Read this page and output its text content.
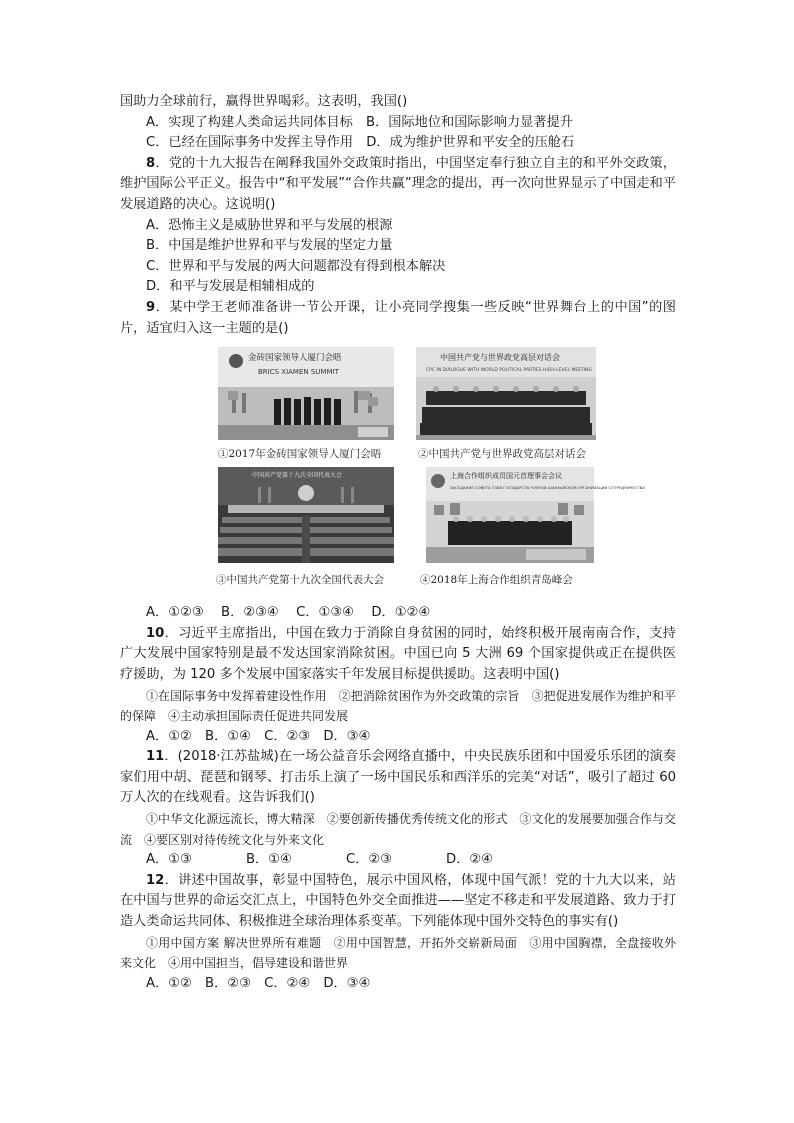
国助力全球前行，赢得世界喝彩。这表明，我国()

A．实现了构建人类命运共同体目标　B．国际地位和国际影响力显著提升

C．已经在国际事务中发挥主导作用　D．成为维护世界和平安全的压舱石

8．党的十九大报告在阐释我国外交政策时指出，中国坚定奉行独立自主的和平外交政策，维护国际公平正义。报告中“和平发展”“合作共赢”理念的提出，再一次向世界显示了中国走和平发展道路的决心。这说明()

A．恐怖主义是威胁世界和平与发展的根源

B．中国是维护世界和平与发展的坚定力量

C．世界和平与发展的两大问题都没有得到根本解决

D．和平与发展是相辅相成的

9．某中学王老师准备讲一节公开课，让小亮同学搜集一些反映“世界舞台上的中国”的图片，适宜归入这一主题的是()

金砖国家领导人厦门会晤
BRICS XIAMEN SUMMIT
①2017年金砖国家领导人厦门会晤
中国共产党与世界政党高层对话会
CPC IN DIALOGUE WITH WORLD POLITICAL PARTIES HIGH-LEVEL MEETING
②中国共产党与世界政党高层对话会
中国共产党第十九次全国代表大会
③中国共产党第十九次全国代表大会
上海合作组织成员国元首理事会会议
ЗАСЕДАНИЕ СОВЕТА ГЛАВ ГОСУДАРСТВ-ЧЛЕНОВ ШАНХАЙСКОЙ ОРГАНИЗАЦИИ СОТРУДНИЧЕСТВА
④2018年上海合作组织青岛峰会

A．①②③　 B．②③④　 C．①③④　 D．①②④

10．习近平主席指出，中国在致力于消除自身贫困的同时，始终积极开展南南合作，支持广大发展中国家特别是最不发达国家消除贫困。中国已向 5 大洲 69 个国家提供或正在提供医疗援助，为 120 多个发展中国家落实千年发展目标提供援助。这表明中国()

①在国际事务中发挥着建设性作用　②把消除贫困作为外交政策的宗旨　③把促进发展作为维护和平的保障　④主动承担国际责任促进共同发展

A．①②　B．①④　C．②③　D．③④

11．(2018·江苏盐城)在一场公益音乐会网络直播中，中央民族乐团和中国爱乐乐团的演奏家们用中胡、琵琶和钢琴、打击乐上演了一场中国民乐和西洋乐的完美“对话”，吸引了超过 60 万人次的在线观看。这告诉我们()

①中华文化源远流长，博大精深　②要创新传播优秀传统文化的形式　③文化的发展要加强合作与交流　④要区别对待传统文化与外来文化

A．①③	B．①④	C．②③	D．②④

12．讲述中国故事，彰显中国特色，展示中国风格，体现中国气派！党的十九大以来，站在中国与世界的命运交汇点上，中国特色外交全面推进——坚定不移走和平发展道路、致力于打造人类命运共同体、积极推进全球治理体系变革。下列能体现中国外交特色的事实有()

①用中国方案 解决世界所有难题　②用中国智慧，开拓外交崭新局面　③用中国胸襟，全盘接收外来文化　④用中国担当，倡导建设和谐世界

A．①②　B．②③　C．②④　D．③④
